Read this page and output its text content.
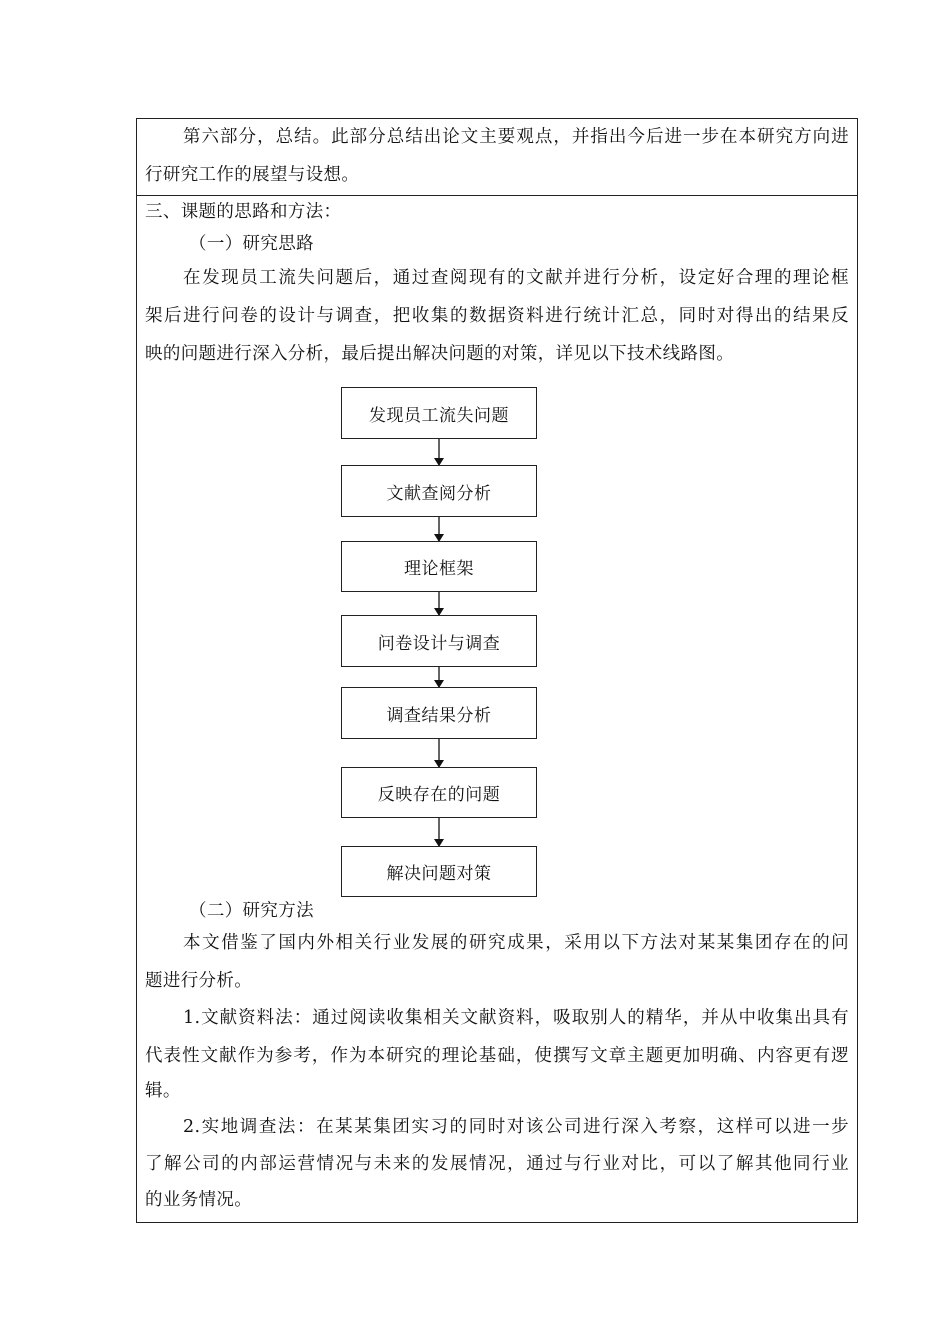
第六部分，总结。此部分总结出论文主要观点，并指出今后进一步在本研究方向进
行研究工作的展望与设想。
三、课题的思路和方法：
（一）研究思路
在发现员工流失问题后，通过查阅现有的文献并进行分析，设定好合理的理论框
架后进行问卷的设计与调查，把收集的数据资料进行统计汇总，同时对得出的结果反
映的问题进行深入分析，最后提出解决问题的对策，详见以下技术线路图。
（二）研究方法
本文借鉴了国内外相关行业发展的研究成果，采用以下方法对某某集团存在的问
题进行分析。
1.文献资料法：通过阅读收集相关文献资料，吸取别人的精华，并从中收集出具有
代表性文献作为参考，作为本研究的理论基础，使撰写文章主题更加明确、内容更有逻
辑。
2.实地调查法：在某某集团实习的同时对该公司进行深入考察，这样可以进一步
了解公司的内部运营情况与未来的发展情况，通过与行业对比，可以了解其他同行业
的业务情况。
发现员工流失问题
文献查阅分析
理论框架
问卷设计与调查
调查结果分析
反映存在的问题
解决问题对策
